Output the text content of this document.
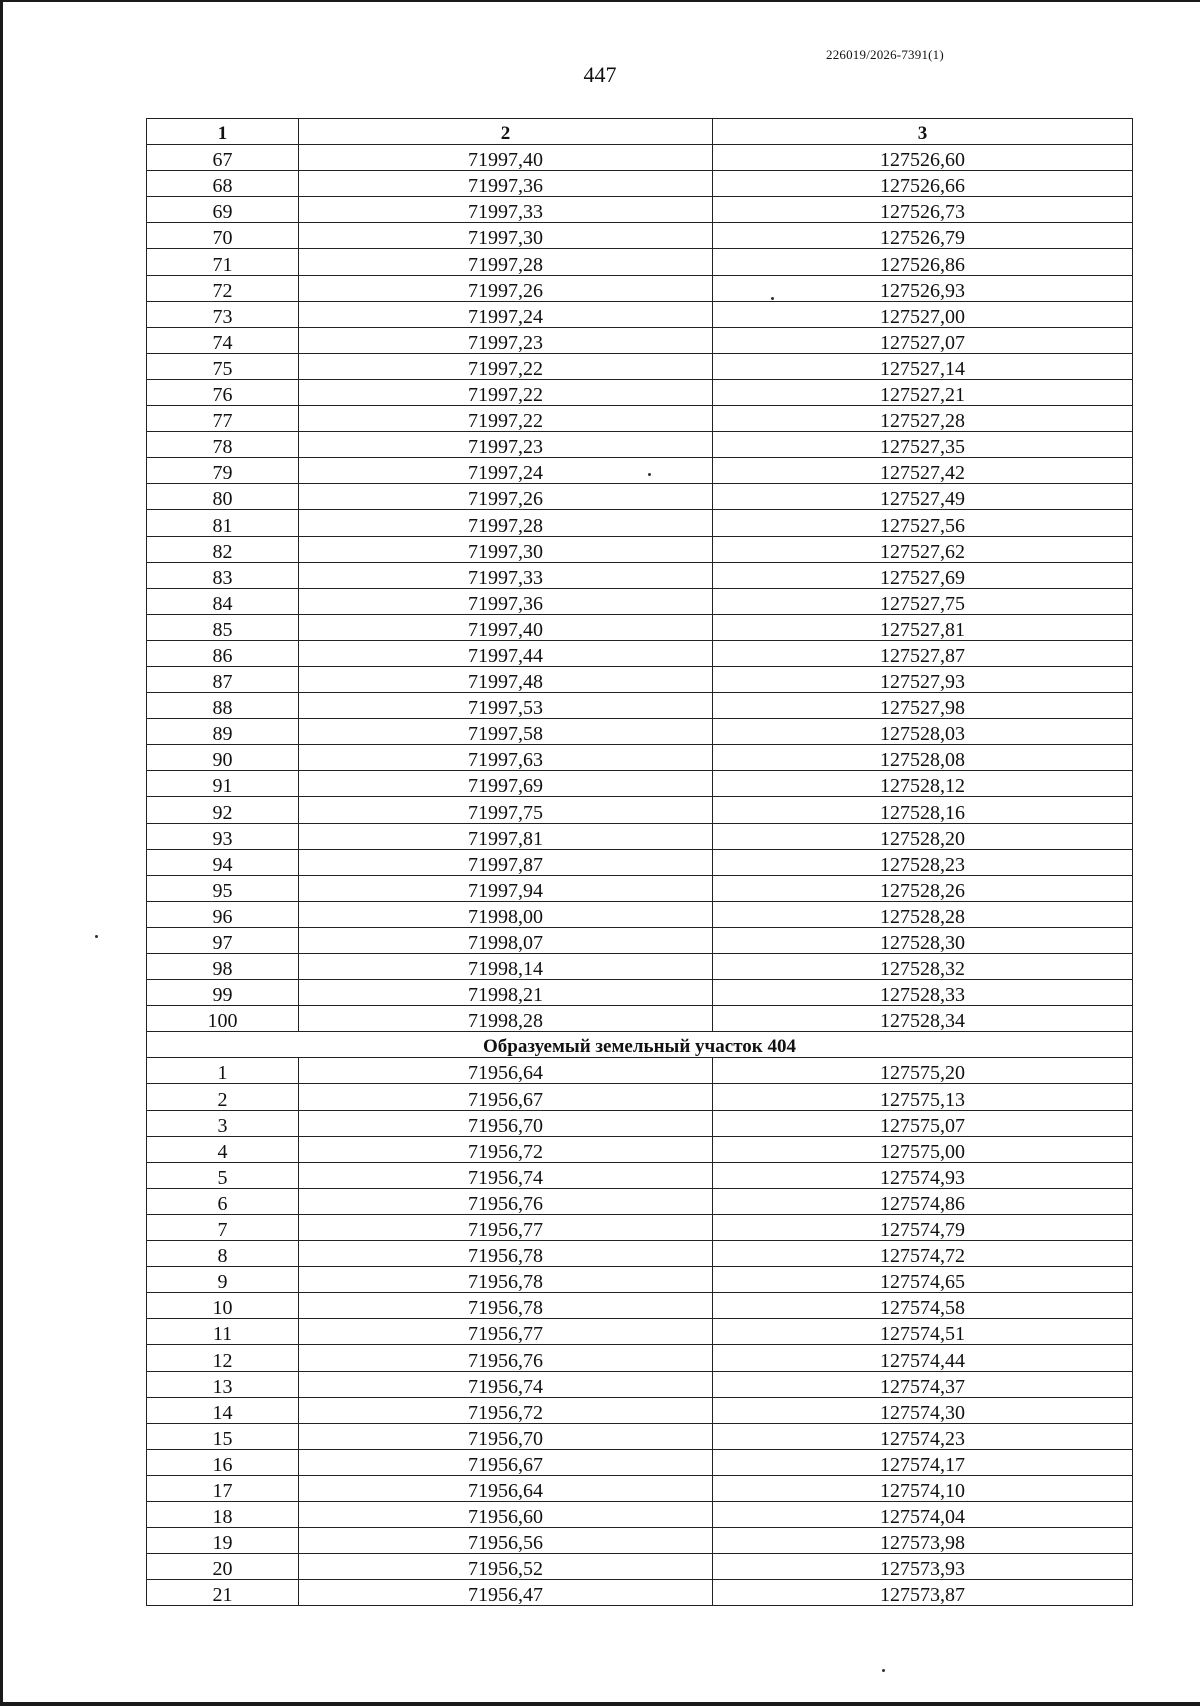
226019/2026-7391(1)
447
1	2	3
67	71997,40	127526,60
68	71997,36	127526,66
69	71997,33	127526,73
70	71997,30	127526,79
71	71997,28	127526,86
72	71997,26	127526,93
73	71997,24	127527,00
74	71997,23	127527,07
75	71997,22	127527,14
76	71997,22	127527,21
77	71997,22	127527,28
78	71997,23	127527,35
79	71997,24	127527,42
80	71997,26	127527,49
81	71997,28	127527,56
82	71997,30	127527,62
83	71997,33	127527,69
84	71997,36	127527,75
85	71997,40	127527,81
86	71997,44	127527,87
87	71997,48	127527,93
88	71997,53	127527,98
89	71997,58	127528,03
90	71997,63	127528,08
91	71997,69	127528,12
92	71997,75	127528,16
93	71997,81	127528,20
94	71997,87	127528,23
95	71997,94	127528,26
96	71998,00	127528,28
97	71998,07	127528,30
98	71998,14	127528,32
99	71998,21	127528,33
100	71998,28	127528,34
Образуемый земельный участок 404		
1	71956,64	127575,20
2	71956,67	127575,13
3	71956,70	127575,07
4	71956,72	127575,00
5	71956,74	127574,93
6	71956,76	127574,86
7	71956,77	127574,79
8	71956,78	127574,72
9	71956,78	127574,65
10	71956,78	127574,58
11	71956,77	127574,51
12	71956,76	127574,44
13	71956,74	127574,37
14	71956,72	127574,30
15	71956,70	127574,23
16	71956,67	127574,17
17	71956,64	127574,10
18	71956,60	127574,04
19	71956,56	127573,98
20	71956,52	127573,93
21	71956,47	127573,87
